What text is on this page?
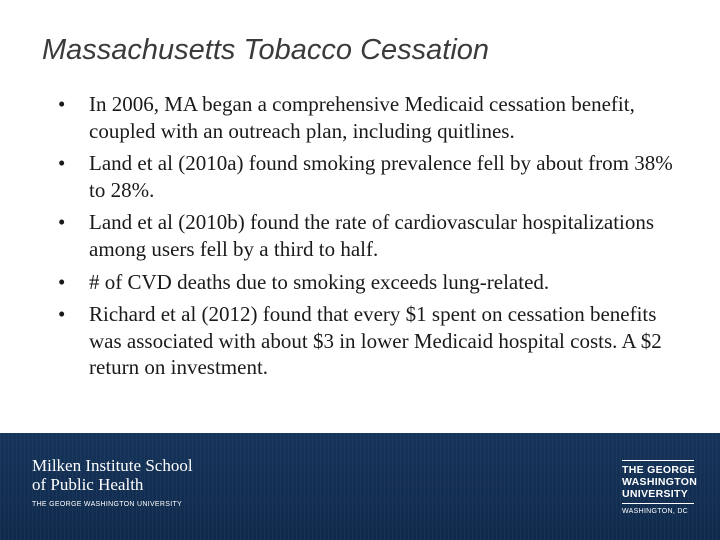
Massachusetts Tobacco Cessation
• In 2006, MA began a comprehensive Medicaid cessation benefit, coupled with an outreach plan, including quitlines.
• Land et al (2010a) found smoking prevalence fell by about from 38% to 28%.
• Land et al (2010b) found the rate of cardiovascular hospitalizations among users fell by a third to half.
• # of CVD deaths due to smoking exceeds lung-related.
• Richard et al (2012) found that every $1 spent on cessation benefits was associated with about $3 in lower Medicaid hospital costs. A $2 return on investment.
Milken Institute School
of Public Health
THE GEORGE WASHINGTON UNIVERSITY
THE GEORGE
WASHINGTON
UNIVERSITY
WASHINGTON, DC
